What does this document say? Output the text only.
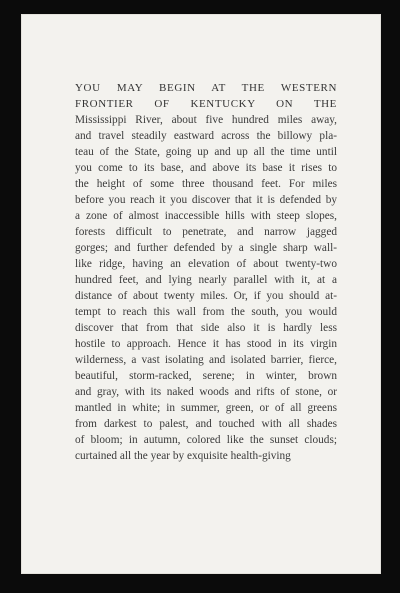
YOU MAY BEGIN AT THE WESTERN
FRONTIER OF KENTUCKY ON THE
Mississippi River, about five hundred miles away,
and travel steadily eastward across the billowy pla-
teau of the State, going up and up all the time until
you come to its base, and above its base it rises to
the height of some three thousand feet. For miles
before you reach it you discover that it is defended by
a zone of almost inaccessible hills with steep slopes,
forests difficult to penetrate, and narrow jagged
gorges; and further defended by a single sharp wall-
like ridge, having an elevation of about twenty-two
hundred feet, and lying nearly parallel with it, at a
distance of about twenty miles. Or, if you should at-
tempt to reach this wall from the south, you would
discover that from that side also it is hardly less
hostile to approach. Hence it has stood in its virgin
wilderness, a vast isolating and isolated barrier, fierce,
beautiful, storm-racked, serene; in winter, brown
and gray, with its naked woods and rifts of stone, or
mantled in white; in summer, green, or of all greens
from darkest to palest, and touched with all shades
of bloom; in autumn, colored like the sunset clouds;
curtained all the year by exquisite health-giving
